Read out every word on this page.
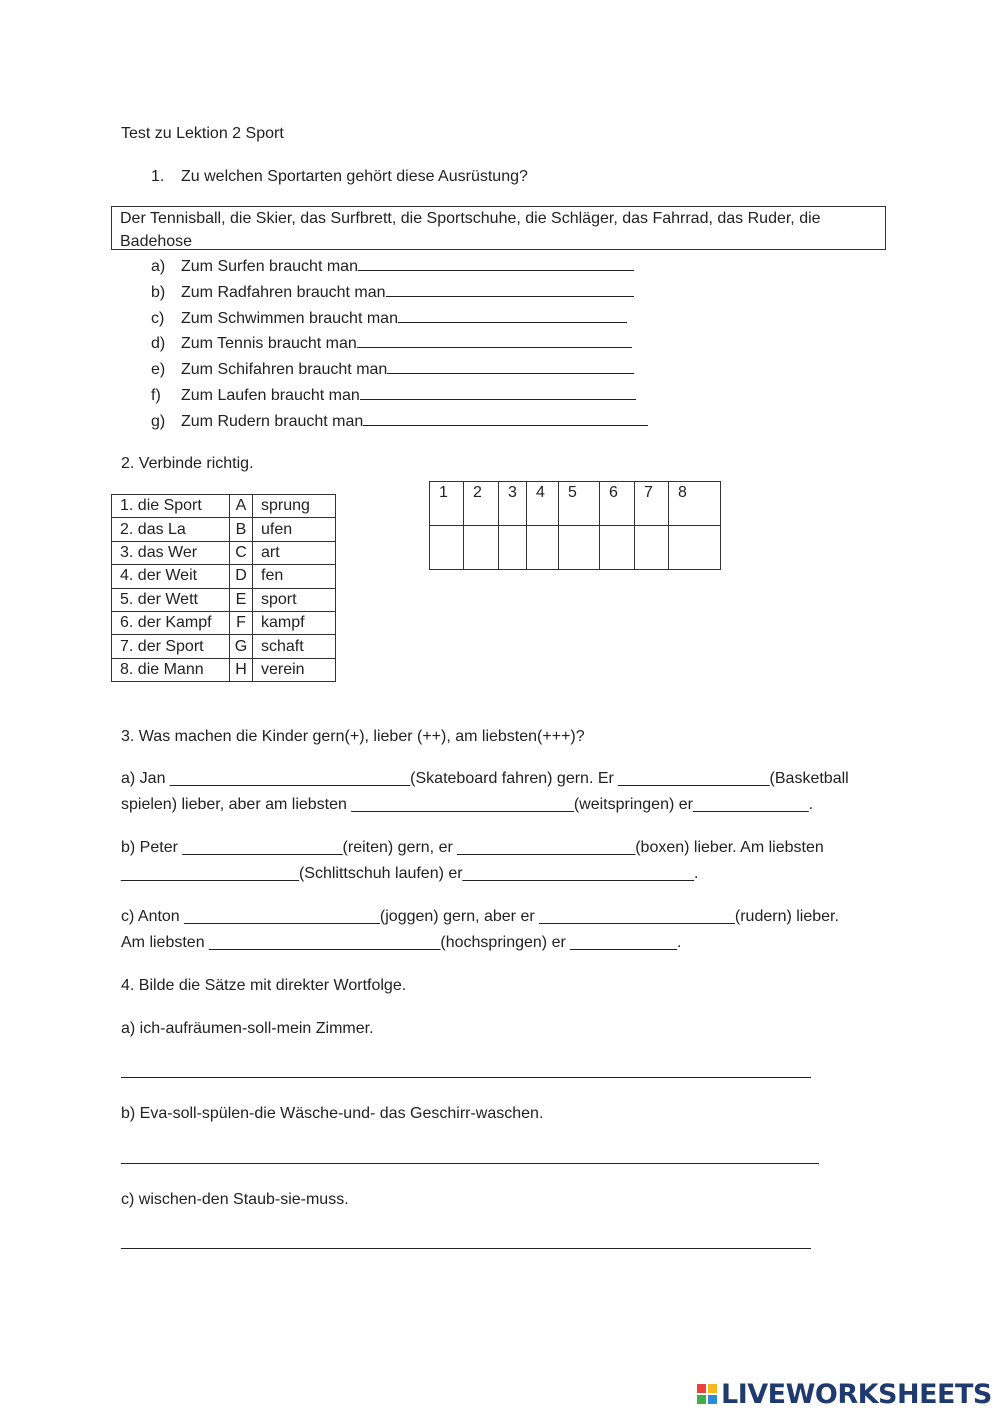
Test zu Lektion 2 Sport
1. Zu welchen Sportarten gehört diese Ausrüstung?
Der Tennisball, die Skier, das Surfbrett, die Sportschuhe, die Schläger, das Fahrrad, das Ruder, die Badehose
a) Zum Surfen braucht man
b) Zum Radfahren braucht man
c) Zum Schwimmen braucht man
d) Zum Tennis braucht man
e) Zum Schifahren braucht man
f) Zum Laufen braucht man
g) Zum Rudern braucht man
2. Verbinde richtig.
1. die Sport	A	sprung
2. das La	B	ufen
3. das Wer	C	art
4. der Weit	D	fen
5. der Wett	E	sport
6. der Kampf	F	kampf
7. der Sport	G	schaft
8. die Mann	H	verein
1	2	3	4	5	6	7	8

3. Was machen die Kinder gern(+), lieber (++), am liebsten(+++)?
a) Jan ___________________________(Skateboard fahren) gern. Er _________________(Basketball
spielen) lieber, aber am liebsten _________________________(weitspringen) er_____________.
b) Peter __________________(reiten) gern, er ____________________(boxen) lieber. Am liebsten
____________________(Schlittschuh laufen) er__________________________.
c) Anton ______________________(joggen) gern, aber er ______________________(rudern) lieber.
Am liebsten __________________________(hochspringen) er ____________.
4. Bilde die Sätze mit direkter Wortfolge.
a) ich-aufräumen-soll-mein Zimmer.
b) Eva-soll-spülen-die Wäsche-und- das Geschirr-waschen.
c) wischen-den Staub-sie-muss.
LIVEWORKSHEETS
